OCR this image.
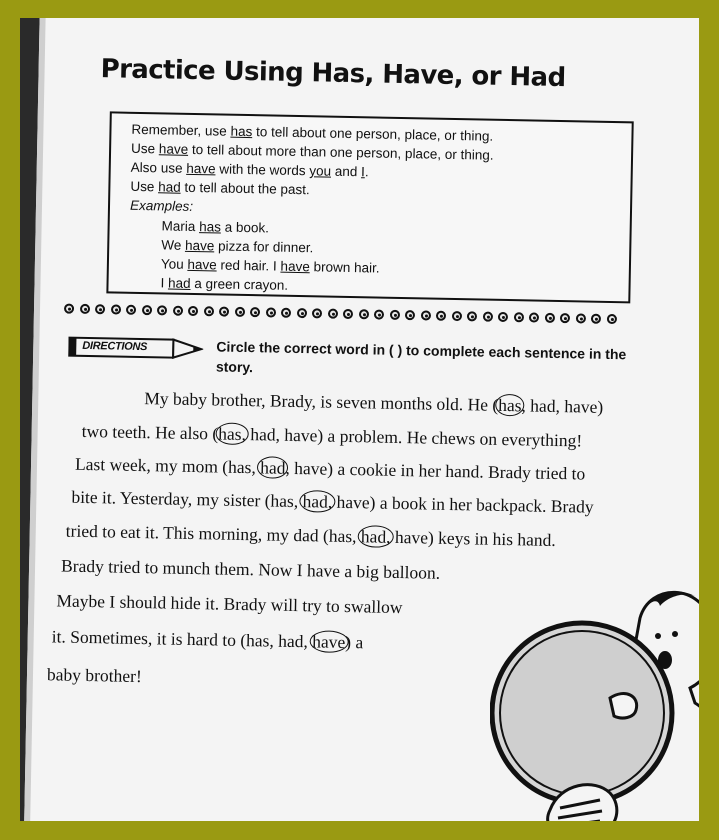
Practice Using Has, Have, or Had
Remember, use has to tell about one person, place, or thing.
Use have to tell about more than one person, place, or thing.
Also use have with the words you and I.
Use had to tell about the past.
Examples:
Maria has a book.
We have pizza for dinner.
You have red hair. I have brown hair.
I had a green crayon.
DIRECTIONS	Circle the correct word in ( ) to complete each sentence in the story.
My baby brother, Brady, is seven months old. He (has, had, have)
two teeth. He also (has, had, have) a problem. He chews on everything!
Last week, my mom (has, had, have) a cookie in her hand. Brady tried to
bite it. Yesterday, my sister (has, had, have) a book in her backpack. Brady
tried to eat it. This morning, my dad (has, had, have) keys in his hand.
Brady tried to munch them. Now I have a big balloon.
Maybe I should hide it. Brady will try to swallow
it. Sometimes, it is hard to (has, had, have) a
baby brother!
